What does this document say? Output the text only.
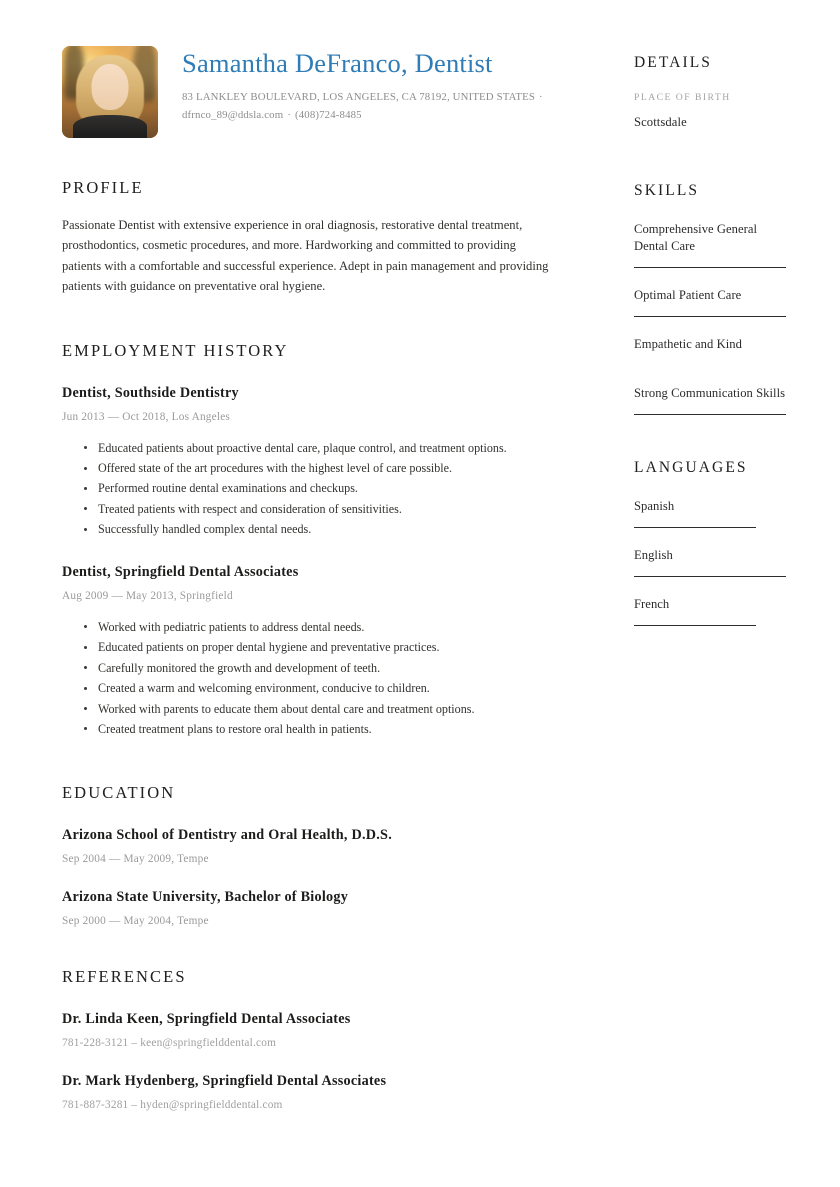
Samantha DeFranco, Dentist
83 LANKLEY BOULEVARD, LOS ANGELES, CA 78192, UNITED STATES ·
dfrnco_89@ddsla.com · (408)724-8485
PROFILE

Passionate Dentist with extensive experience in oral diagnosis, restorative dental treatment, prosthodontics, cosmetic procedures, and more. Hardworking and committed to providing patients with a comfortable and successful experience. Adept in pain management and providing patients with guidance on preventative oral hygiene.

EMPLOYMENT HISTORY
Dentist, Southside Dentistry
Jun 2013 — Oct 2018, Los Angeles
Educated patients about proactive dental care, plaque control, and treatment options.
Offered state of the art procedures with the highest level of care possible.
Performed routine dental examinations and checkups.
Treated patients with respect and consideration of sensitivities.
Successfully handled complex dental needs.
Dentist, Springfield Dental Associates
Aug 2009 — May 2013, Springfield
Worked with pediatric patients to address dental needs.
Educated patients on proper dental hygiene and preventative practices.
Carefully monitored the growth and development of teeth.
Created a warm and welcoming environment, conducive to children.
Worked with parents to educate them about dental care and treatment options.
Created treatment plans to restore oral health in patients.
EDUCATION
Arizona School of Dentistry and Oral Health, D.D.S.
Sep 2004 — May 2009, Tempe
Arizona State University, Bachelor of Biology
Sep 2000 — May 2004, Tempe
REFERENCES
Dr. Linda Keen, Springfield Dental Associates
781-228-3121 – keen@springfielddental.com
Dr. Mark Hydenberg, Springfield Dental Associates
781-887-3281 – hyden@springfielddental.com
DETAILS
PLACE OF BIRTH
Scottsdale
SKILLS
Comprehensive General Dental Care
Optimal Patient Care
Empathetic and Kind
Strong Communication Skills
LANGUAGES
Spanish
English
French
